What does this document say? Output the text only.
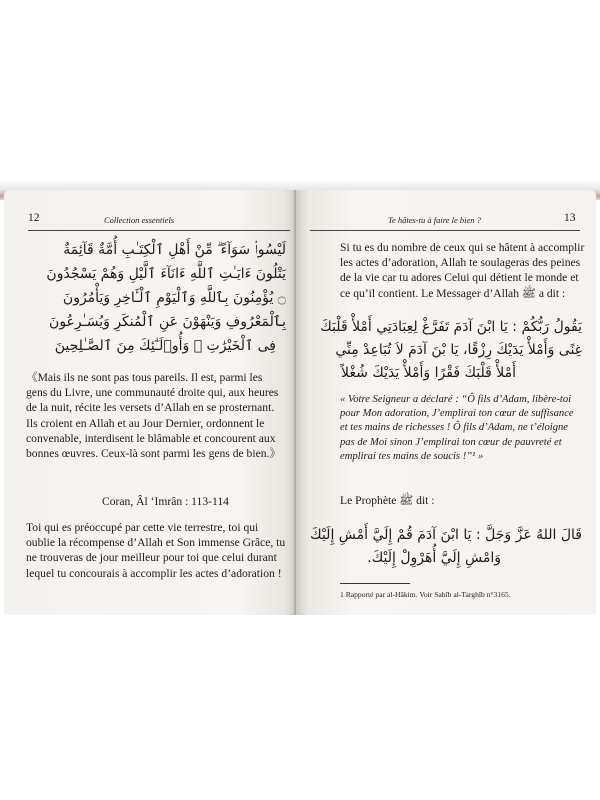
12	Collection essentiels
لَيْسُوا۟ سَوَآءً ۗ مِّنْ أَهْلِ ٱلْكِتَـٰبِ أُمَّةٌ قَآئِمَةٌ
يَتْلُونَ ءَايَـٰتِ ٱللَّهِ ءَانَآءَ ٱلَّيْلِ وَهُمْ يَسْجُدُونَ
۝ يُؤْمِنُونَ بِٱللَّهِ وَٱلْيَوْمِ ٱلْـَٔاخِرِ وَيَأْمُرُونَ
بِٱلْمَعْرُوفِ وَيَنْهَوْنَ عَنِ ٱلْمُنكَرِ وَيُسَـٰرِعُونَ
فِى ٱلْخَيْرَٰتِ ۖ وَأُو۟لَـٰٓئِكَ مِنَ ٱلصَّـٰلِحِينَ

《Mais ils ne sont pas tous pareils. Il est, parmi les gens du Livre, une communauté droite qui, aux heures de la nuit, récite les versets d’Allah en se prosternant. Ils croient en Allah et au Jour Dernier, ordonnent le convenable, interdisent le blâmable et concourent aux bonnes œuvres. Ceux-là sont parmi les gens de bien.》

Coran, Âl ‘Imrân : 113-114

Toi qui es préoccupé par cette vie terrestre, toi qui oublie la récompense d’Allah et Son immense Grâce, tu ne trouveras de jour meilleur pour toi que celui durant lequel tu concourais à accomplir les actes d’adoration !

Te hâtes-tu à faire le bien ?	13

Si tu es du nombre de ceux qui se hâtent à accomplir les actes d’adoration, Allah te soulageras des peines de la vie car tu adores Celui qui détient le monde et ce qu’il contient. Le Messager d’Allah ﷺ a dit :

يَقُولُ رَبُّكُمْ : يَا ابْنَ آدَمَ تَفَرَّغْ لِعِبَادَتِي أَمْلأْ قَلْبَكَ
غِنًى وَأَمْلأْ يَدَيْكَ رِزْقًا، يَا بْنَ آدَمَ لاَ تُبَاعِدْ مِنِّي
أَمْلأْ قَلْبَكَ فَقْرًا وَأَمْلأْ يَدَيْكَ شُغْلاً
« Votre Seigneur a déclaré : “Ô fils d’Adam, libère-toi pour Mon adoration, J’emplirai ton cœur de suffisance et tes mains de richesses ! Ô fils d’Adam, ne t’éloigne pas de Moi sinon J’emplirai ton cœur de pauvreté et emplirai tes mains de soucis !”¹ »
Le Prophète ﷺ dit :
قَالَ اللهُ عَزَّ وَجَلَّ : يَا ابْنَ آدَمَ قُمْ إِلَيَّ أَمْشِ إِلَيْكَ
وَامْشِ إِلَيَّ أُهَرْوِلْ إِلَيْكَ.
1 Rapporté par al-Hâkim. Voir Sahîh al-Targhîb n°3165.
